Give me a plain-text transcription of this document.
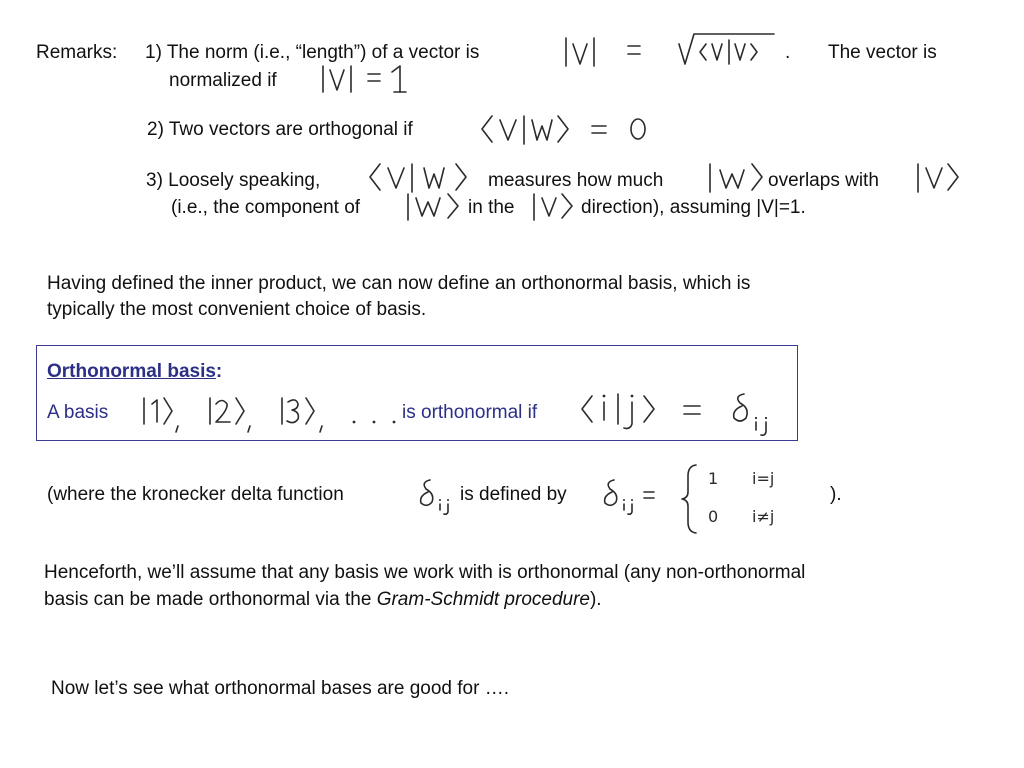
Remarks: 1) The norm (i.e., “length”) of a vector is	. The vector is
normalized if
2) Two vectors are orthogonal if
3) Loosely speaking,	measures how much	overlaps with
(i.e., the component of	in the	direction), assuming |V|=1.
Having defined the inner product, we can now define an orthonormal basis, which is
typically the most convenient choice of basis.
Orthonormal basis:
A basis	is orthonormal if
(where the kronecker delta function	is defined by
1 i=j
0 i≠j
).
Henceforth, we’ll assume that any basis we work with is orthonormal (any non-orthonormal
basis can be made orthonormal via the Gram-Schmidt procedure).
Now let’s see what orthonormal bases are good for ….
